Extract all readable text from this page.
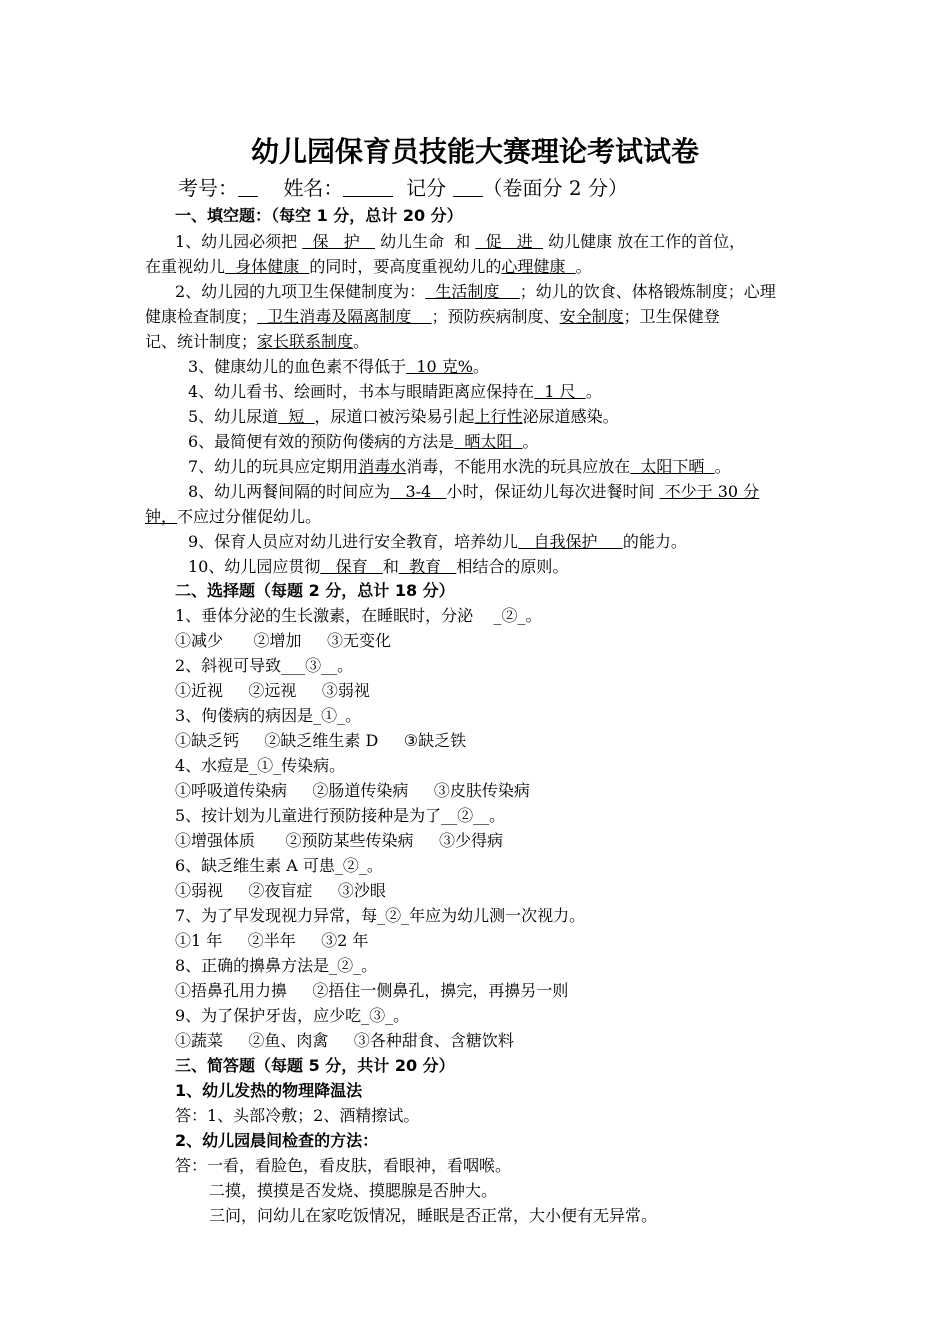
幼儿园保育员技能大赛理论考试试卷
考号： 姓名：	记分 （卷面分 2 分）
一、填空题：（每空 1 分，总计 20 分）
1、幼儿园必须把   保   护    幼儿生命  和   促   进   幼儿健康 放在工作的首位，
在重视幼儿  身体健康  的同时，要高度重视幼儿的心理健康  。
2、幼儿园的九项卫生保健制度为：  生活制度    ；幼儿的饮食、体格锻炼制度；心理
健康检查制度；  卫生消毒及隔离制度    ；预防疾病制度、安全制度；卫生保健登
记、统计制度；家长联系制度。
3、健康幼儿的血色素不得低于  10 克%。
4、幼儿看书、绘画时，书本与眼睛距离应保持在  1 尺  。
5、幼儿尿道  短  ，尿道口被污染易引起上行性泌尿道感染。
6、最简便有效的预防佝偻病的方法是  晒太阳  。
7、幼儿的玩具应定期用消毒水消毒，不能用水洗的玩具应放在  太阳下晒  。
8、幼儿两餐间隔的时间应为   3-4   小时，保证幼儿每次进餐时间  不少于 30 分
钟，不应过分催促幼儿。
9、保育人员应对幼儿进行安全教育，培养幼儿   自我保护     的能力。
10、幼儿园应贯彻   保育   和  教育   相结合的原则。
二、选择题（每题 2 分，总计 18 分）
1、垂体分泌的生长激素，在睡眠时，分泌    _②_。
①减少      ②增加     ③无变化
2、斜视可导致___③__。
①近视     ②远视     ③弱视
3、佝偻病的病因是_①_。
①缺乏钙     ②缺乏维生素 D     ③缺乏铁
4、水痘是_①_传染病。
①呼吸道传染病     ②肠道传染病     ③皮肤传染病
5、按计划为儿童进行预防接种是为了__②__。
①增强体质      ②预防某些传染病     ③少得病
6、缺乏维生素 A 可患_②_。
①弱视     ②夜盲症     ③沙眼
7、为了早发现视力异常，每_②_年应为幼儿测一次视力。
①1 年     ②半年     ③2 年
8、正确的擤鼻方法是_②_。
①捂鼻孔用力擤     ②捂住一侧鼻孔，擤完，再擤另一则
9、为了保护牙齿，应少吃_③_。
①蔬菜     ②鱼、肉禽     ③各种甜食、含糖饮料
三、简答题（每题 5 分，共计 20 分）
1、幼儿发热的物理降温法
答：1、头部冷敷；2、酒精擦试。
2、幼儿园晨间检查的方法：
答：一看，看脸色，看皮肤，看眼神，看咽喉。
二摸，摸摸是否发烧、摸腮腺是否肿大。
三问，问幼儿在家吃饭情况，睡眠是否正常，大小便有无异常。
